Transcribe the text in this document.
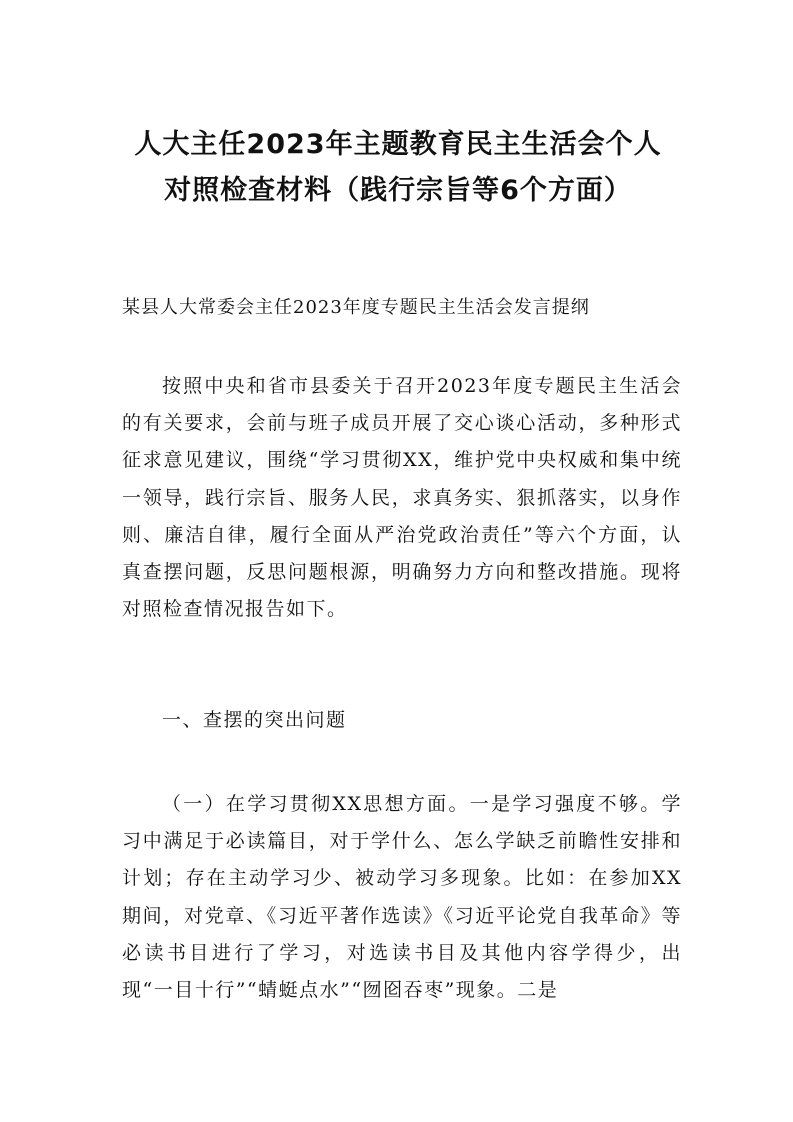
人大主任2023年主题教育民主生活会个人
对照检查材料（践行宗旨等6个方面）

某县人大常委会主任2023年度专题民主生活会发言提纲

按照中央和省市县委关于召开2023年度专题民主生活会的有关要求，会前与班子成员开展了交心谈心活动，多种形式征求意见建议，围绕“学习贯彻XX，维护党中央权威和集中统一领导，践行宗旨、服务人民，求真务实、狠抓落实，以身作则、廉洁自律，履行全面从严治党政治责任”等六个方面，认真查摆问题，反思问题根源，明确努力方向和整改措施。现将对照检查情况报告如下。

一、查摆的突出问题

（一）在学习贯彻XX思想方面。一是学习强度不够。学习中满足于必读篇目，对于学什么、怎么学缺乏前瞻性安排和计划；存在主动学习少、被动学习多现象。比如：在参加XX期间，对党章、《习近平著作选读》《习近平论党自我革命》等必读书目进行了学习，对选读书目及其他内容学得少，出现“一目十行”“蜻蜓点水”“囫囵吞枣”现象。二是
